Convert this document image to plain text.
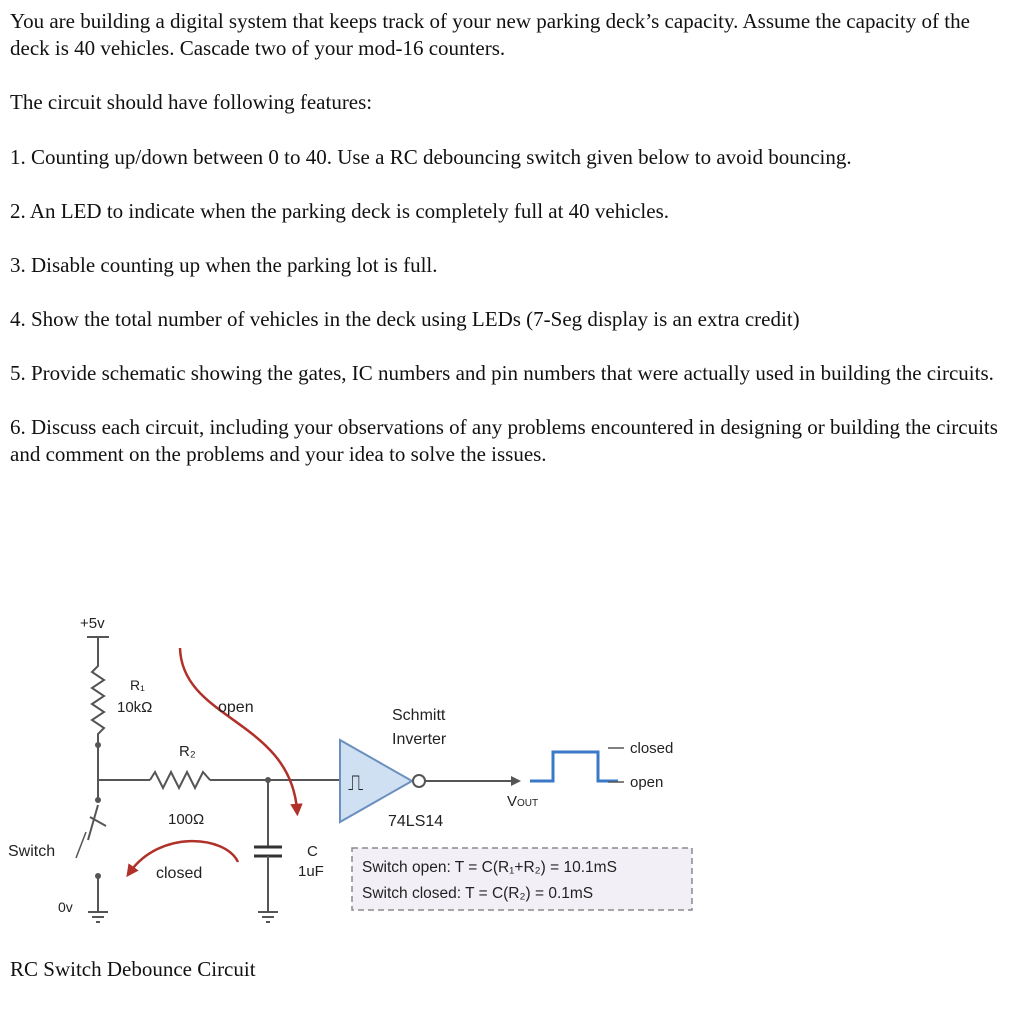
You are building a digital system that keeps track of your new parking deck’s capacity. Assume the capacity of the deck is 40 vehicles. Cascade two of your mod-16 counters.

The circuit should have following features:

1. Counting up/down between 0 to 40. Use a RC debouncing switch given below to avoid bouncing.

2. An LED to indicate when the parking deck is completely full at 40 vehicles.

3. Disable counting up when the parking lot is full.

4. Show the total number of vehicles in the deck using LEDs (7-Seg display is an extra credit)

5. Provide schematic showing the gates, IC numbers and pin numbers that were actually used in building the circuits.

6. Discuss each circuit, including your observations of any problems encountered in designing or building the circuits and comment on the problems and your idea to solve the issues.

+5v
R₁
10kΩ
Switch
0v
R₂
100Ω
C
1uF
open
closed
⎍
Schmitt
Inverter
74LS14
VOUT
closed
open
Switch open: T = C(R₁+R₂) = 10.1mS
Switch closed: T = C(R₂) = 0.1mS

RC Switch Debounce Circuit
